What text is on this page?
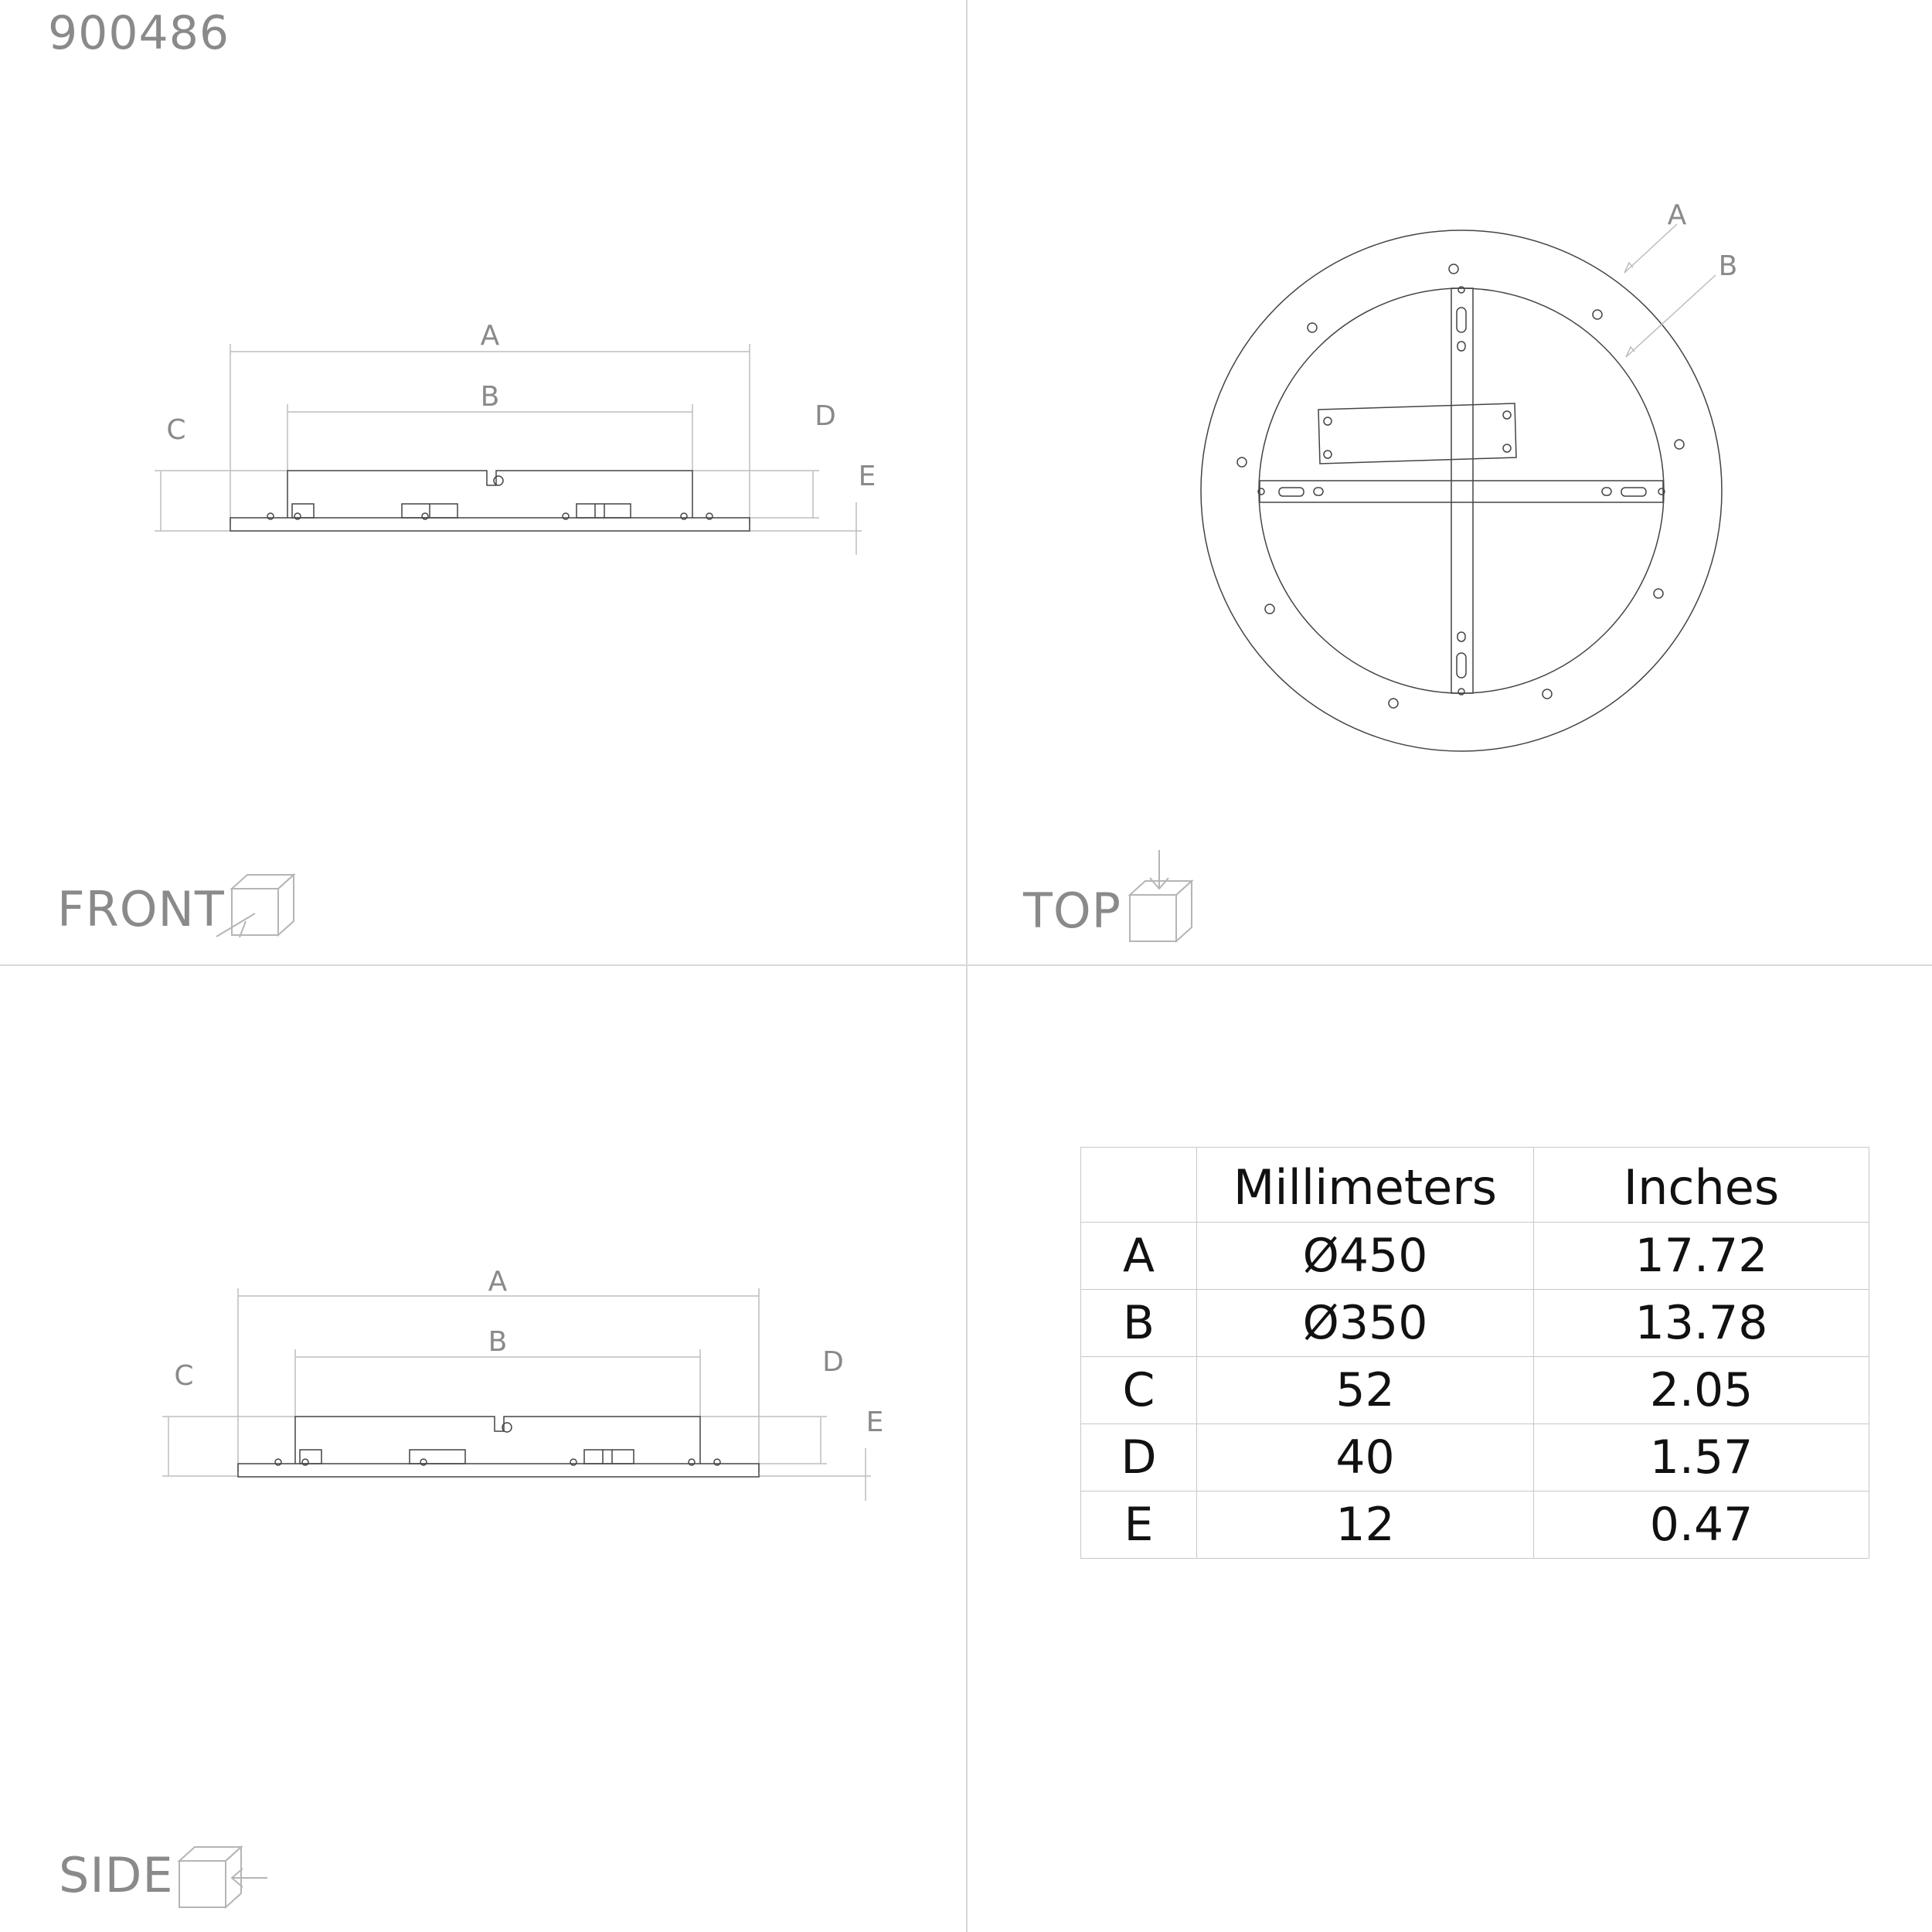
900486
A
B
C	D
E
FRONT
A
B
TOP
A
B
C	D
E
SIDE
	Millimeters	Inches
A	Ø450	17.72
B	Ø350	13.78
C	52	2.05
D	40	1.57
E	12	0.47
